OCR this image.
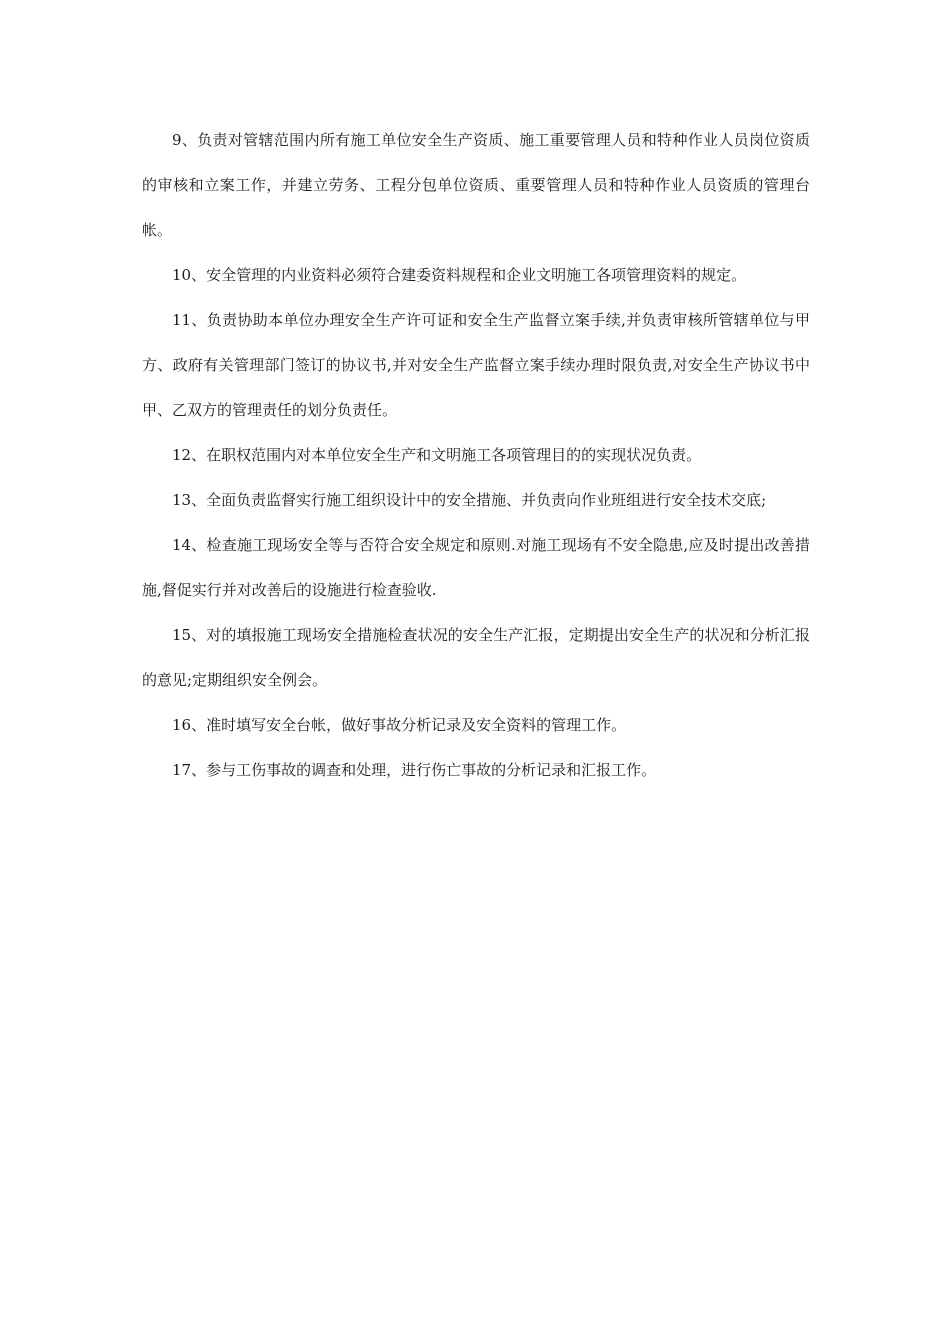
9、负责对管辖范围内所有施工单位安全生产资质、施工重要管理人员和特种作业人员岗位资质的审核和立案工作，并建立劳务、工程分包单位资质、重要管理人员和特种作业人员资质的管理台帐。

10、安全管理的内业资料必须符合建委资料规程和企业文明施工各项管理资料的规定。

11、负责协助本单位办理安全生产许可证和安全生产监督立案手续,并负责审核所管辖单位与甲方、政府有关管理部门签订的协议书,并对安全生产监督立案手续办理时限负责,对安全生产协议书中甲、乙双方的管理责任的划分负责任。

12、在职权范围内对本单位安全生产和文明施工各项管理目的的实现状况负责。

13、全面负责监督实行施工组织设计中的安全措施、并负责向作业班组进行安全技术交底;

14、检查施工现场安全等与否符合安全规定和原则.对施工现场有不安全隐患,应及时提出改善措施,督促实行并对改善后的设施进行检查验收.

15、对的填报施工现场安全措施检查状况的安全生产汇报，定期提出安全生产的状况和分析汇报的意见;定期组织安全例会。

16、准时填写安全台帐，做好事故分析记录及安全资料的管理工作。

17、参与工伤事故的调查和处理，进行伤亡事故的分析记录和汇报工作。
